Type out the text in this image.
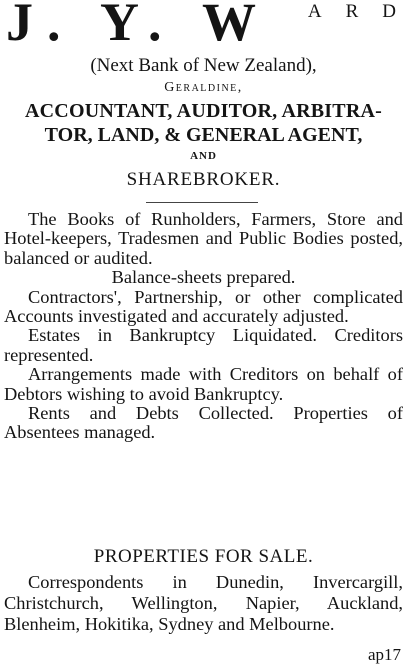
J. Y. W ARD
(Next Bank of New Zealand),
Geraldine,
ACCOUNTANT, AUDITOR, ARBITRA-
TOR, LAND, & GENERAL AGENT,
AND
SHAREBROKER.

The Books of Runholders, Farmers, Store and Hotel-keepers, Tradesmen and Public Bodies posted, balanced or audited.

Balance-sheets prepared.

Contractors', Partnership, or other complicated Accounts investigated and accurately adjusted.

Estates in Bankruptcy Liquidated. Creditors represented.

Arrangements made with Creditors on behalf of Debtors wishing to avoid Bankruptcy.

Rents and Debts Collected. Properties of Absentees managed.

PROPERTIES FOR SALE.

Correspondents in Dunedin, Invercargill, Christchurch, Wellington, Napier, Auckland, Blenheim, Hokitika, Sydney and Melbourne.

ap17
